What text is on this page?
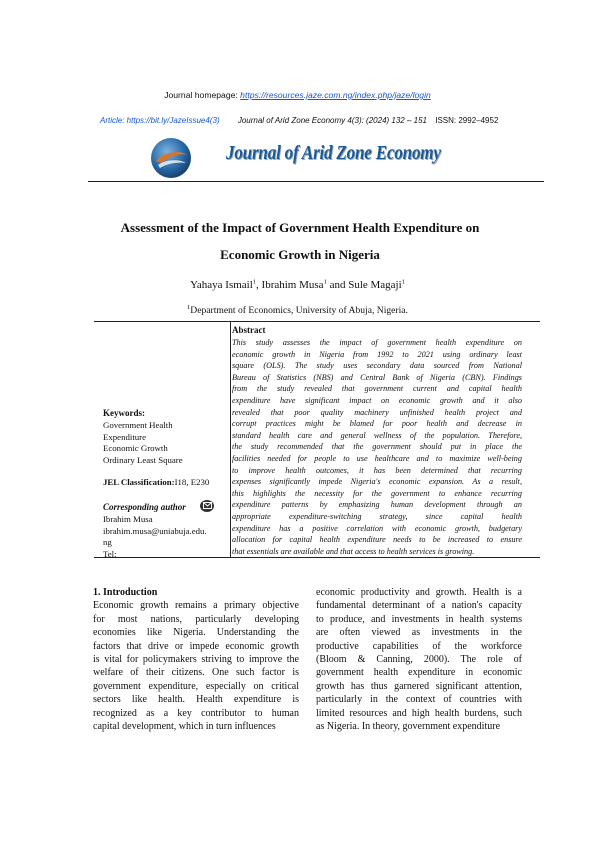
Journal homepage: https://resources.jaze.com.ng/index.php/jaze/login
Article: https://bit.ly/JazeIssue4(3) Journal of Arid Zone Economy 4(3): (2024) 132 – 151 ISSN: 2992–4952
Journal of Arid Zone Economy
Assessment of the Impact of Government Health Expenditure on
Economic Growth in Nigeria
Yahaya Ismail$^1$, Ibrahim Musa$^1$ and Sule Magaji$^1$
$^1$Department of Economics, University of Abuja, Nigeria.
Abstract
This study assesses the impact of government health expenditure on
economic growth in Nigeria from 1992 to 2021 using ordinary least
square (OLS). The study uses secondary data sourced from National
Bureau of Statistics (NBS) and Central Bank of Nigeria (CBN). Findings
from the study revealed that government current and capital health
expenditure have significant impact on economic growth and it also
revealed that poor quality machinery unfinished health project and
corrupt practices might be blamed for poor health and decrease in
standard health care and general wellness of the population. Therefore,
the study recommended that the government should put in place the
facilities needed for people to use healthcare and to maximize well-being
to improve health outcomes, it has been determined that recurring
expenses significantly impede Nigeria's economic expansion. As a result,
this highlights the necessity for the government to enhance recurring
expenditure patterns by emphasizing human development through an
appropriate expenditure-switching strategy, since capital health
expenditure has a positive correlation with economic growth, budgetary
allocation for capital health expenditure needs to be increased to ensure
that essentials are available and that access to health services is growing.
Keywords:
Government Health
Expenditure
Economic Growth
Ordinary Least Square
JEL Classification:I18, E230
Corresponding author
Ibrahim Musa
ibrahim.musa@uniabuja.edu.
ng
Tel:
1. Introduction
Economic growth remains a primary objective
for most nations, particularly developing
economies like Nigeria. Understanding the
factors that drive or impede economic growth
is vital for policymakers striving to improve the
welfare of their citizens. One such factor is
government expenditure, especially on critical
sectors like health. Health expenditure is
recognized as a key contributor to human
capital development, which in turn influences
economic productivity and growth. Health is a
fundamental determinant of a nation's capacity
to produce, and investments in health systems
are often viewed as investments in the
productive capabilities of the workforce
(Bloom & Canning, 2000). The role of
government health expenditure in economic
growth has thus garnered significant attention,
particularly in the context of countries with
limited resources and high health burdens, such
as Nigeria. In theory, government expenditure
